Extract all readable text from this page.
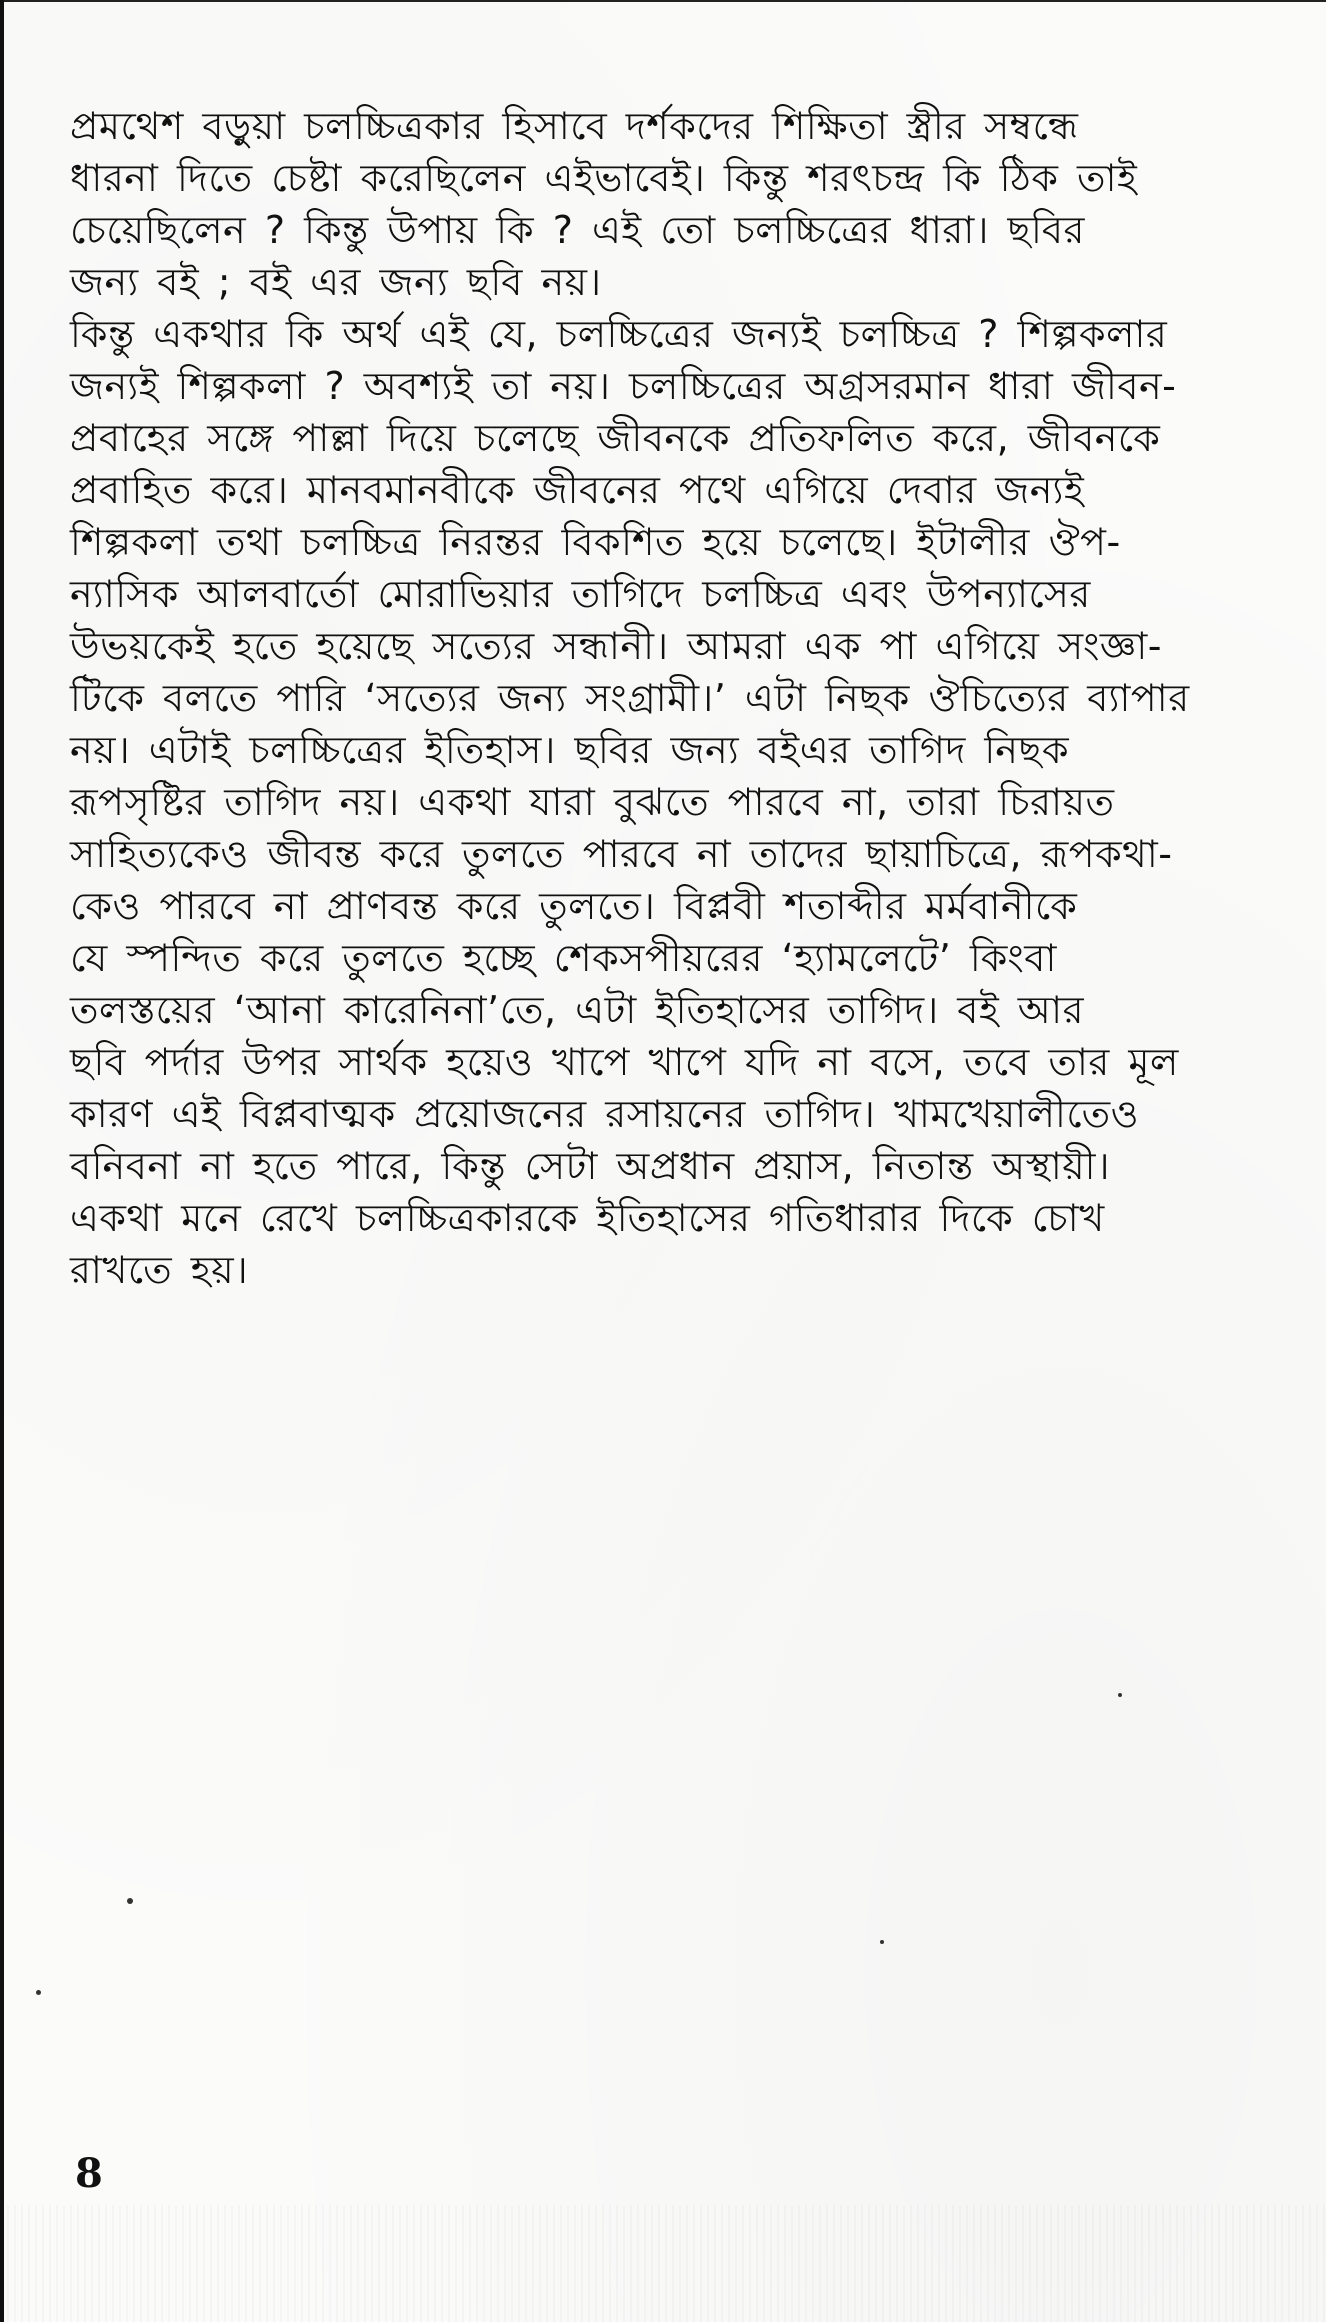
প্রমথেশ বড়ুয়া চলচ্চিত্রকার হিসাবে দর্শকদের শিক্ষিতা স্ত্রীর সম্বন্ধে
ধারনা দিতে চেষ্টা করেছিলেন এইভাবেই। কিন্তু শরৎচন্দ্র কি ঠিক তাই
চেয়েছিলেন ? কিন্তু উপায় কি ? এই তো চলচ্চিত্রের ধারা। ছবির
জন্য বই ; বই এর জন্য ছবি নয়।
কিন্তু একথার কি অর্থ এই যে, চলচ্চিত্রের জন্যই চলচ্চিত্র ? শিল্পকলার
জন্যই শিল্পকলা ? অবশ্যই তা নয়। চলচ্চিত্রের অগ্রসরমান ধারা জীবন-
প্রবাহের সঙ্গে পাল্লা দিয়ে চলেছে জীবনকে প্রতিফলিত করে, জীবনকে
প্রবাহিত করে। মানবমানবীকে জীবনের পথে এগিয়ে দেবার জন্যই
শিল্পকলা তথা চলচ্চিত্র নিরন্তর বিকশিত হয়ে চলেছে। ইটালীর ঔপ-
ন্যাসিক আলবার্তো মোরাভিয়ার তাগিদে চলচ্চিত্র এবং উপন্যাসের
উভয়কেই হতে হয়েছে সত্যের সন্ধানী। আমরা এক পা এগিয়ে সংজ্ঞা-
টিকে বলতে পারি ‘সত্যের জন্য সংগ্রামী।’ এটা নিছক ঔচিত্যের ব্যাপার
নয়। এটাই চলচ্চিত্রের ইতিহাস। ছবির জন্য বইএর তাগিদ নিছক
রূপসৃষ্টির তাগিদ নয়। একথা যারা বুঝতে পারবে না, তারা চিরায়ত
সাহিত্যকেও জীবন্ত করে তুলতে পারবে না তাদের ছায়াচিত্রে, রূপকথা-
কেও পারবে না প্রাণবন্ত করে তুলতে। বিপ্লবী শতাব্দীর মর্মবানীকে
যে স্পন্দিত করে তুলতে হচ্ছে শেকসপীয়রের ‘হ্যামলেটে’ কিংবা
তলস্তয়ের ‘আনা কারেনিনা’তে, এটা ইতিহাসের তাগিদ। বই আর
ছবি পর্দার উপর সার্থক হয়েও খাপে খাপে যদি না বসে, তবে তার মূল
কারণ এই বিপ্লবাত্মক প্রয়োজনের রসায়নের তাগিদ। খামখেয়ালীতেও
বনিবনা না হতে পারে, কিন্তু সেটা অপ্রধান প্রয়াস, নিতান্ত অস্থায়ী।
একথা মনে রেখে চলচ্চিত্রকারকে ইতিহাসের গতিধারার দিকে চোখ
রাখতে হয়।
8
